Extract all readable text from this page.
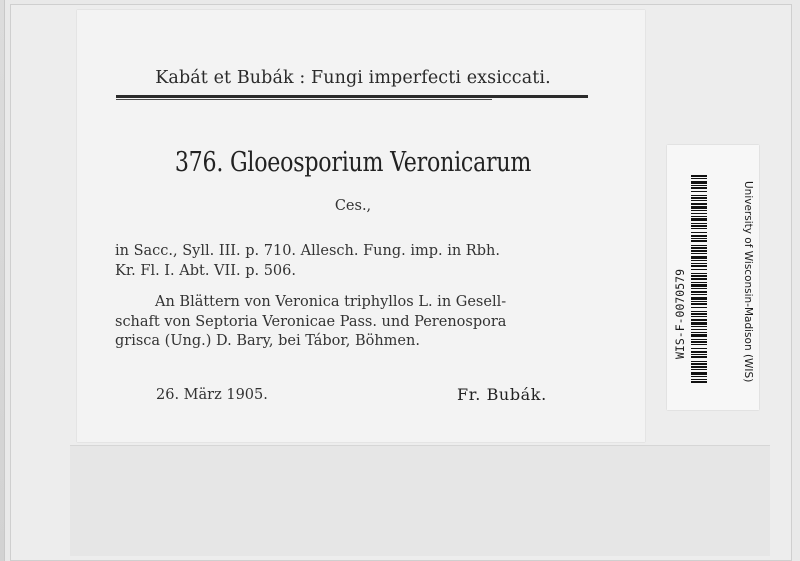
Kabát et Bubák : Fungi imperfecti exsiccati.
376. Gloeosporium Veronicarum
Ces.,
in Sacc., Syll. III. p. 710. Allesch. Fung. imp. in Rbh.
Kr. Fl. I. Abt. VII. p. 506.
An Blättern von Veronica triphyllos L. in Gesell-
schaft von Septoria Veronicae Pass. und Perenospora
grisca (Ung.) D. Bary, bei Tábor, Böhmen.
26. März 1905.	Fr. Bubák.
WIS-F-0070579	University of Wisconsin-Madison (WIS)
